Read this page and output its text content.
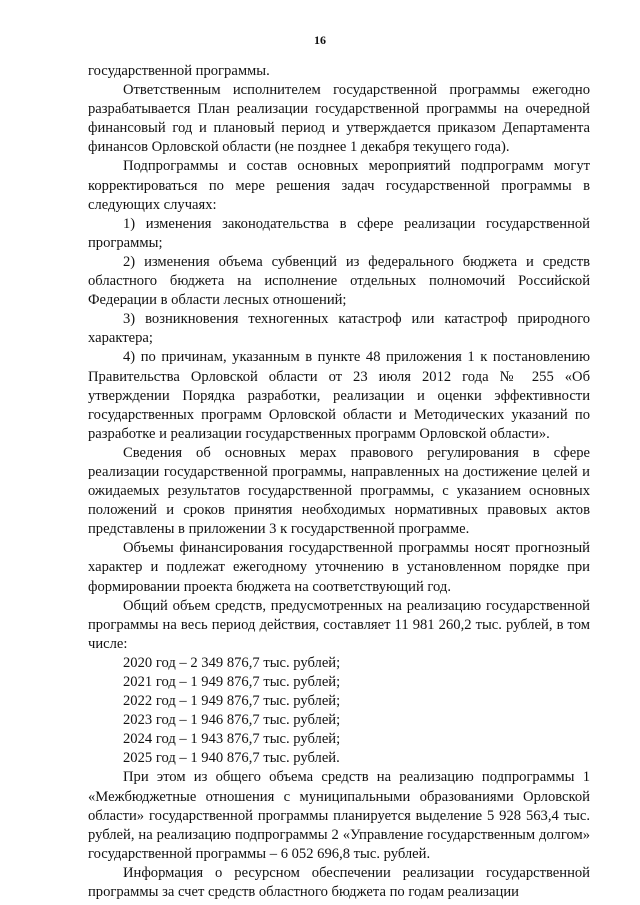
16

государственной программы.

Ответственным исполнителем государственной программы ежегодно разрабатывается План реализации государственной программы на очередной финансовый год и плановый период и утверждается приказом Департамента финансов Орловской области (не позднее 1 декабря текущего года).

Подпрограммы и состав основных мероприятий подпрограмм могут корректироваться по мере решения задач государственной программы в следующих случаях:

1) изменения законодательства в сфере реализации государственной программы;

2) изменения объема субвенций из федерального бюджета и средств областного бюджета на исполнение отдельных полномочий Российской Федерации в области лесных отношений;

3) возникновения техногенных катастроф или катастроф природного характера;

4) по причинам, указанным в пункте 48 приложения 1 к постановлению Правительства Орловской области от 23 июля 2012 года № 255 «Об утверждении Порядка разработки, реализации и оценки эффективности государственных программ Орловской области и Методических указаний по разработке и реализации государственных программ Орловской области».

Сведения об основных мерах правового регулирования в сфере реализации государственной программы, направленных на достижение целей и ожидаемых результатов государственной программы, с указанием основных положений и сроков принятия необходимых нормативных правовых актов представлены в приложении 3 к государственной программе.

Объемы финансирования государственной программы носят прогнозный характер и подлежат ежегодному уточнению в установленном порядке при формировании проекта бюджета на соответствующий год.

Общий объем средств, предусмотренных на реализацию государственной программы на весь период действия, составляет 11 981 260,2 тыс. рублей, в том числе:

2020 год – 2 349 876,7 тыс. рублей;
2021 год – 1 949 876,7 тыс. рублей;
2022 год – 1 949 876,7 тыс. рублей;
2023 год – 1 946 876,7 тыс. рублей;
2024 год – 1 943 876,7 тыс. рублей;
2025 год – 1 940 876,7 тыс. рублей.

При этом из общего объема средств на реализацию подпрограммы 1 «Межбюджетные отношения с муниципальными образованиями Орловской области» государственной программы планируется выделение 5 928 563,4 тыс. рублей, на реализацию подпрограммы 2 «Управление государственным долгом» государственной программы – 6 052 696,8 тыс. рублей.

Информация о ресурсном обеспечении реализации государственной программы за счет средств областного бюджета по годам реализации
